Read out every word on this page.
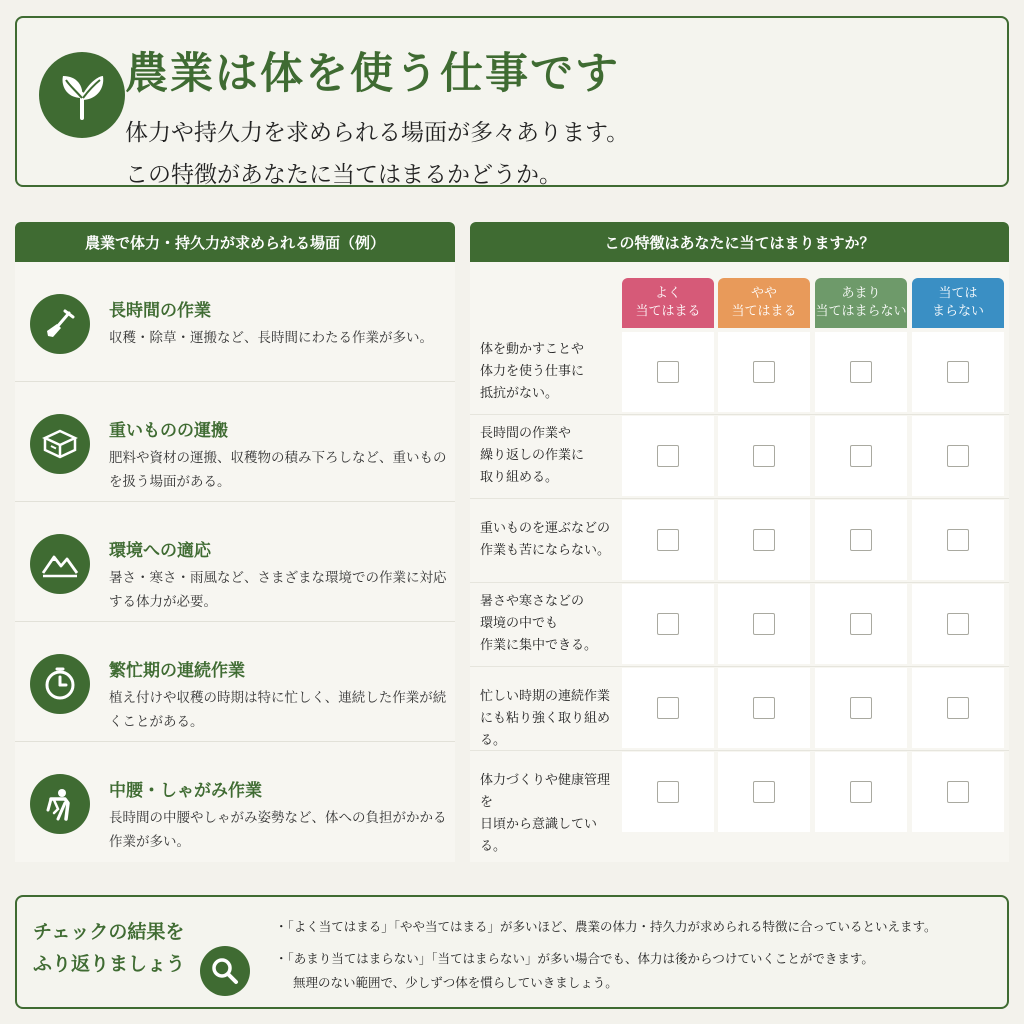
農業は体を使う仕事です
体力や持久力を求められる場面が多々あります。
この特徴があなたに当てはまるかどうか。
農業で体力・持久力が求められる場面（例）
長時間の作業
収穫・除草・運搬など、長時間にわたる作業が多い。
重いものの運搬
肥料や資材の運搬、収穫物の積み下ろしなど、重いものを扱う場面がある。
環境への適応
暑さ・寒さ・雨風など、さまざまな環境での作業に対応する体力が必要。
繁忙期の連続作業
植え付けや収穫の時期は特に忙しく、連続した作業が続くことがある。
中腰・しゃがみ作業
長時間の中腰やしゃがみ姿勢など、体への負担がかかる作業が多い。
この特徴はあなたに当てはまりますか？
よく
当てはまる
やや
当てはまる
あまり
当てはまらない
当ては
まらない
体を動かすことや
体力を使う仕事に
抵抗がない。
長時間の作業や
繰り返しの作業に
取り組める。
重いものを運ぶなどの
作業も苦にならない。
暑さや寒さなどの
環境の中でも
作業に集中できる。
忙しい時期の連続作業
にも粘り強く取り組める。
体力づくりや健康管理を
日頃から意識している。
チェックの結果を
ふり返りましょう
・「よく当てはまる」「やや当てはまる」が多いほど、農業の体力・持久力が求められる特徴に合っているといえます。
・「あまり当てはまらない」「当てはまらない」が多い場合でも、体力は後からつけていくことができます。
無理のない範囲で、少しずつ体を慣らしていきましょう。
